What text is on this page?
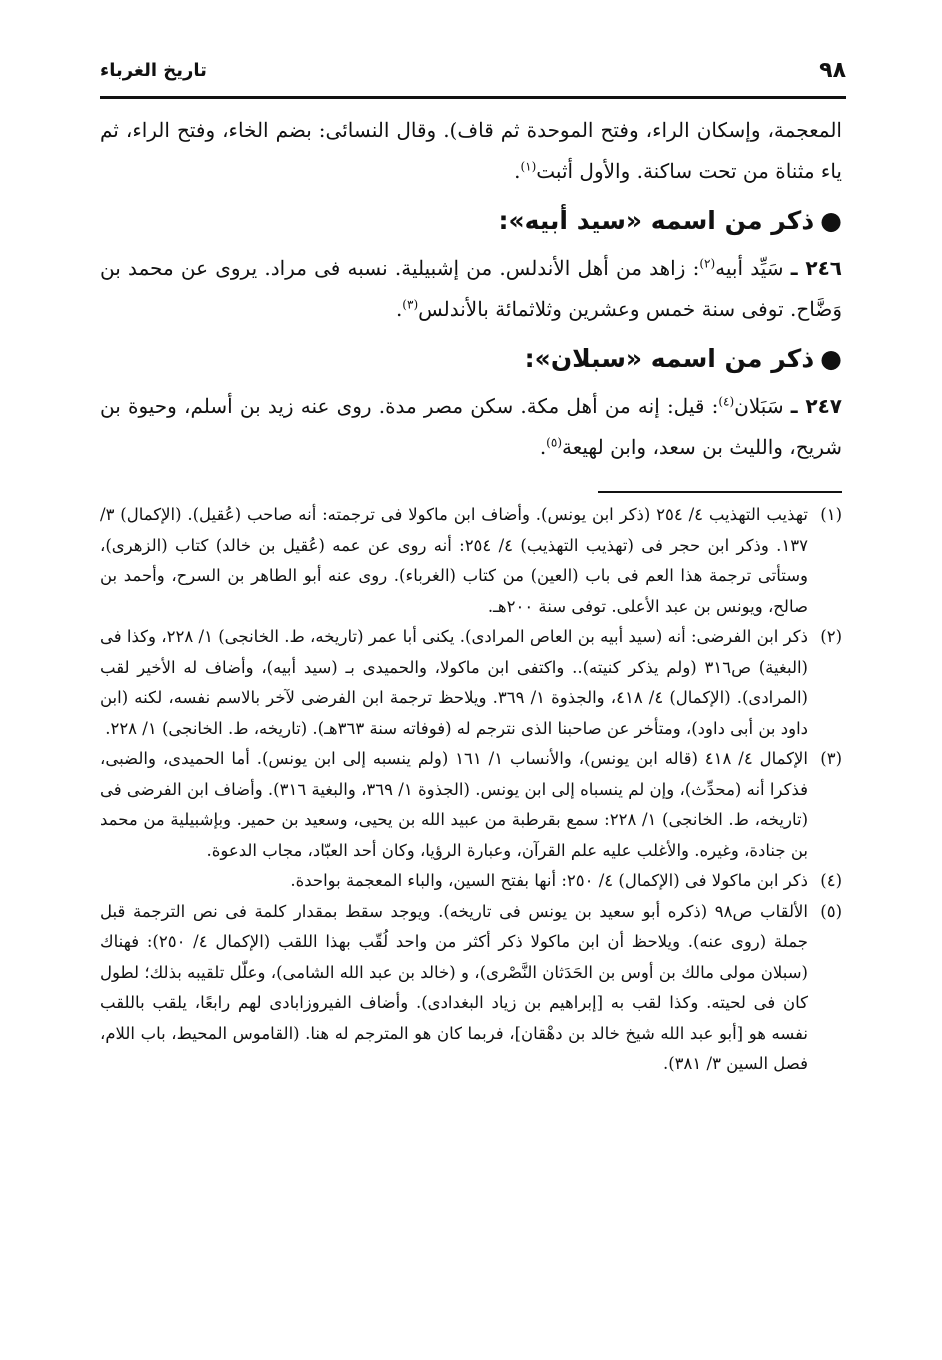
٩٨
تاريخ الغرباء

المعجمة، وإسكان الراء، وفتح الموحدة ثم قاف). وقال النسائى: بضم الخاء، وفتح الراء، ثم ياء مثناة من تحت ساكنة. والأول أثبت$^{(١)}$.

●ذكر من اسمه «سيد أبيه»:

٢٤٦ ـ سَيِّد أبيه$^{(٢)}$: زاهد من أهل الأندلس. من إشبيلية. نسبه فى مراد. يروى عن محمد بن وَضَّاح. توفى سنة خمس وعشرين وثلاثمائة بالأندلس$^{(٣)}$.

●ذكر من اسمه «سبلان»:

٢٤٧ ـ سَبَلان$^{(٤)}$: قيل: إنه من أهل مكة. سكن مصر مدة. روى عنه زيد بن أسلم، وحيوة بن شريح، والليث بن سعد، وابن لهيعة$^{(٥)}$.

(١)
تهذيب التهذيب ٤/ ٢٥٤ (ذكر ابن يونس). وأضاف ابن ماكولا فى ترجمته: أنه صاحب (عُقيل). (الإكمال) ٣/ ١٣٧. وذكر ابن حجر فى (تهذيب التهذيب) ٤/ ٢٥٤: أنه روى عن عمه (عُقيل بن خالد) كتاب (الزهرى)، وستأتى ترجمة هذا العم فى باب (العين) من كتاب (الغرباء). روى عنه أبو الطاهر بن السرح، وأحمد بن صالح، ويونس بن عبد الأعلى. توفى سنة ٢٠٠هـ.
(٢)
ذكر ابن الفرضى: أنه (سيد أبيه بن العاص المرادى). يكنى أبا عمر (تاريخه، ط. الخانجى) ١/ ٢٢٨، وكذا فى (البغية) ص٣١٦ (ولم يذكر كنيته).. واكتفى ابن ماكولا، والحميدى بـ (سيد أبيه)، وأضاف له الأخير لقب (المرادى). (الإكمال) ٤/ ٤١٨، والجذوة ١/ ٣٦٩. ويلاحظ ترجمة ابن الفرضى لآخر بالاسم نفسه، لكنه (ابن داود بن أبى داود)، ومتأخر عن صاحبنا الذى نترجم له (فوفاته سنة ٣٦٣هـ). (تاريخه، ط. الخانجى) ١/ ٢٢٨.
(٣)
الإكمال ٤/ ٤١٨ (قاله ابن يونس)، والأنساب ١/ ١٦١ (ولم ينسبه إلى ابن يونس). أما الحميدى، والضبى، فذكرا أنه (محدِّث)، وإن لم ينسباه إلى ابن يونس. (الجذوة ١/ ٣٦٩، والبغية ٣١٦). وأضاف ابن الفرضى فى (تاريخه، ط. الخانجى) ١/ ٢٢٨: سمع بقرطبة من عبيد الله بن يحيى، وسعيد بن حمير. وبإشبيلية من محمد بن جنادة، وغيره. والأغلب عليه علم القرآن، وعبارة الرؤيا، وكان أحد العبّاد، مجاب الدعوة.
(٤)
ذكر ابن ماكولا فى (الإكمال) ٤/ ٢٥٠: أنها بفتح السين، والباء المعجمة بواحدة.
(٥)
الألقاب ص٩٨ (ذكره أبو سعيد بن يونس فى تاريخه). ويوجد سقط بمقدار كلمة فى نص الترجمة قبل جملة (روى عنه). ويلاحظ أن ابن ماكولا ذكر أكثر من واحد لُقّب بهذا اللقب (الإكمال ٤/ ٢٥٠): فهناك (سبلان مولى مالك بن أوس بن الحَدَثان النَّصْرى)، و (خالد بن عبد الله الشامى)، وعلّل تلقيبه بذلك؛ لطول كان فى لحيته. وكذا لقب به [إبراهيم بن زياد البغدادى). وأضاف الفيروزابادى لهم رابعًا، يلقب باللقب نفسه هو [أبو عبد الله شيخ خالد بن دهْقان]، فربما كان هو المترجم له هنا. (القاموس المحيط، باب اللام، فصل السين ٣/ ٣٨١).
